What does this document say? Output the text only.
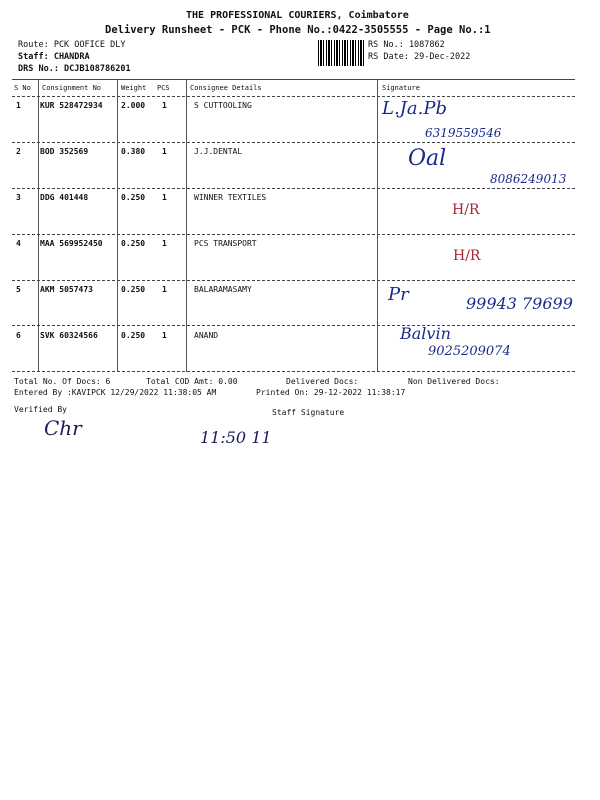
THE PROFESSIONAL COURIERS, Coimbatore
Delivery Runsheet - PCK - Phone No.:0422-3505555 - Page No.:1
Route: PCK OOFICE DLY
Staff: CHANDRA
DRS No.: DCJB108786201
RS No.: 1087862
RS Date: 29-Dec-2022
S No Consignment No	Weight PCS	Consignee Details	Signature
1 KUR 528472934 2.000 1	S CUTTOOLING	L.Ja.Pb
6319559546
2 BOD 352569	0.380 1	J.J.DENTAL	Oal
8086249013
3 DDG 401448	0.250 1	WINNER TEXTILES
H/R
4 MAA 569952450 0.250 1	PCS TRANSPORT
H/R
5 AKM 5057473	0.250 1	BALARAMASAMY	Pr	99943 79699
6 SVK 60324566	0.250 1	ANAND	Balvin
9025209074
Total No. Of Docs: 6	Total COD Amt: 0.00	Delivered Docs:	Non Delivered Docs:
Entered By :KAVIPCK 12/29/2022 11:38:05 AM	Printed On: 29-12-2022 11:38:17
Verified By	Staff Signature
Chr	11:50 11
